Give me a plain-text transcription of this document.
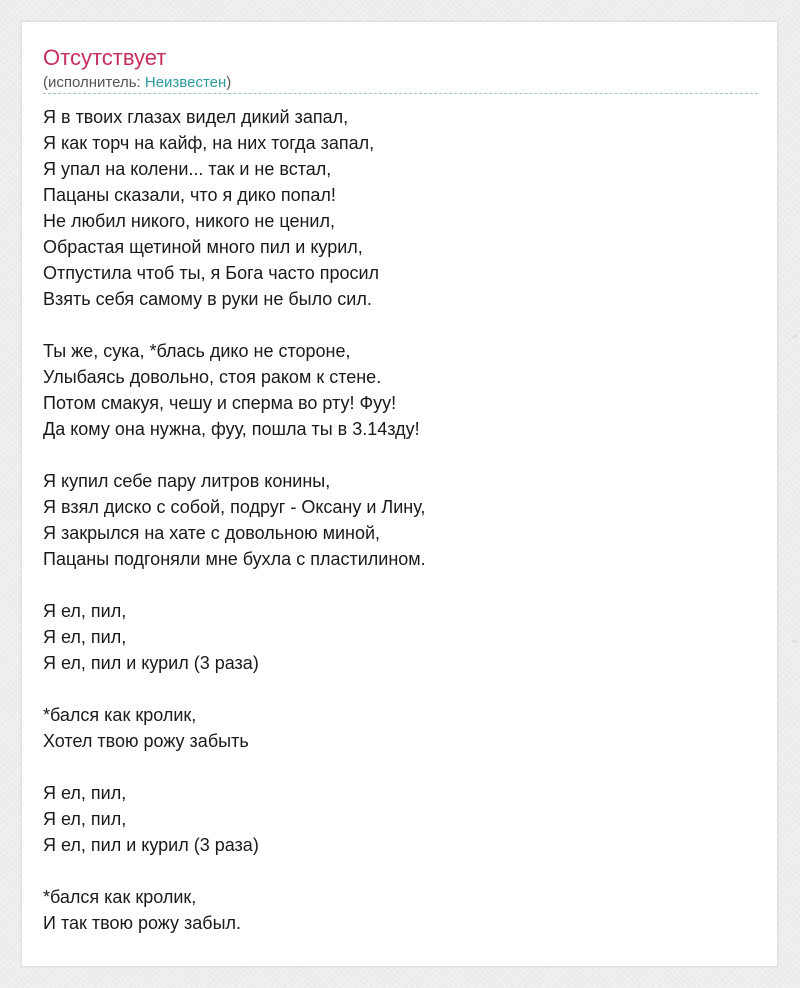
Отсутствует
(исполнитель: Неизвестен)
Я в твоих глазах видел дикий запал,
Я как торч на кайф, на них тогда запал,
Я упал на колени... так и не встал,
Пацаны сказали, что я дико попал!
Не любил никого, никого не ценил,
Обрастая щетиной много пил и курил,
Отпустила чтоб ты, я Бога часто просил
Взять себя самому в руки не было сил.
Ты же, сука, *блась дико не стороне,
Улыбаясь довольно, стоя раком к стене.
Потом смакуя, чешу и сперма во рту! Фуу!
Да кому она нужна, фуу, пошла ты в 3.14зду!
Я купил себе пару литров конины,
Я взял диско с собой, подруг - Оксану и Лину,
Я закрылся на хате с довольною миной,
Пацаны подгоняли мне бухла с пластилином.
Я ел, пил,
Я ел, пил,
Я ел, пил и курил (3 раза)
*бался как кролик,
Хотел твою рожу забыть
Я ел, пил,
Я ел, пил,
Я ел, пил и курил (3 раза)
*бался как кролик,
И так твою рожу забыл.
